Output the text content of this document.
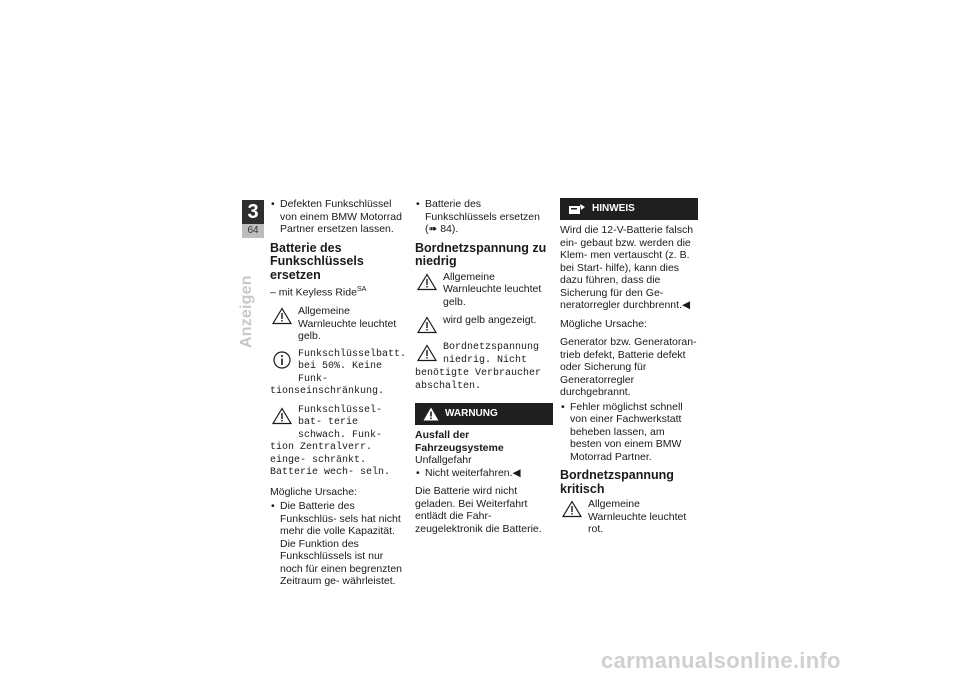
3
64
Anzeigen
• Defekten Funkschlüssel von einem BMW Motorrad Partner ersetzen lassen.
Batterie des Funkschlüssels ersetzen
– mit Keyless Ride$^{SA}$
Allgemeine Warnleuchte leuchtet gelb.
Funkschlüsselbatt. bei 50%. Keine Funk-
tionseinschränkung.
Funkschlüssel- bat- terie schwach. Funk-
tion Zentralverr. einge- schränkt. Batterie wech- seln.
Mögliche Ursache:
• Die Batterie des Funkschlüs- sels hat nicht mehr die volle Kapazität. Die Funktion des Funkschlüssels ist nur noch für einen begrenzten Zeitraum ge- währleistet.
• Batterie des Funkschlüssels ersetzen (➠ 84).
Bordnetzspannung zu niedrig
Allgemeine Warnleuchte leuchtet gelb.
wird gelb angezeigt.
Bordnetzspannung niedrig. Nicht
benötigte Verbraucher abschalten.
WARNUNG
Ausfall der Fahrzeugsysteme
Unfallgefahr
• Nicht weiterfahren.◀
Die Batterie wird nicht geladen. Bei Weiterfahrt entlädt die Fahr- zeugelektronik die Batterie.
HINWEIS
Wird die 12-V-Batterie falsch ein- gebaut bzw. werden die Klem- men vertauscht (z. B. bei Start- hilfe), kann dies dazu führen, dass die Sicherung für den Ge- neratorregler durchbrennt.◀
Mögliche Ursache:
Generator bzw. Generatoran- trieb defekt, Batterie defekt oder Sicherung für Generatorregler durchgebrannt.
• Fehler möglichst schnell von einer Fachwerkstatt beheben lassen, am besten von einem BMW Motorrad Partner.
Bordnetzspannung kritisch
Allgemeine Warnleuchte leuchtet rot.
carmanualsonline.info
